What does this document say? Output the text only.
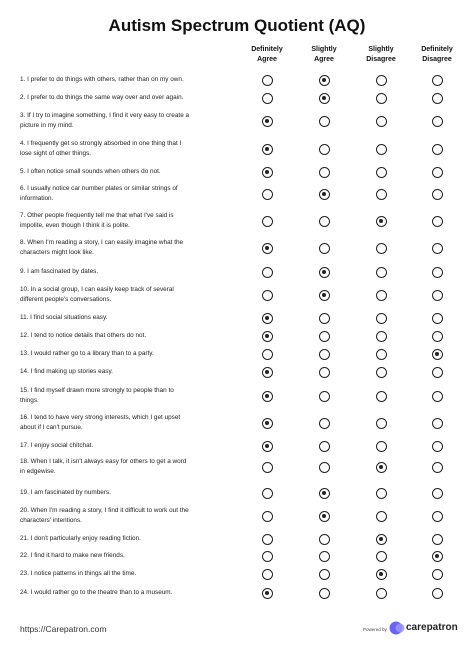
Autism Spectrum Quotient (AQ)
Definitely
Agree
Slightly
Agree
Slightly
Disagree
Definitely
Disagree
1. I prefer to do things with others, rather than on my own.
2. I prefer to do things the same way over and over again.
3. If I try to imagine something, I find it very easy to create a
picture in my mind.
4. I frequently get so strongly absorbed in one thing that I
lose sight of other things.
5. I often notice small sounds when others do not.
6. I usually notice car number plates or similar strings of
information.
7. Other people frequently tell me that what I've said is
impolite, even though I think it is polite.
8. When I'm reading a story, I can easily imagine what the
characters might look like.
9. I am fascinated by dates.
10. In a social group, I can easily keep track of several
different people's conversations.
11. I find social situations easy.
12. I tend to notice details that others do not.
13. I would rather go to a library than to a party.
14. I find making up stories easy.
15. I find myself drawn more strongly to people than to
things.
16. I tend to have very strong interests, which I get upset
about if I can't pursue.
17. I enjoy social chitchat.
18. When I talk, it isn't always easy for others to get a word
in edgewise.
19. I am fascinated by numbers.
20. When I'm reading a story, I find it difficult to work out the
characters' intentions.
21. I don't particularly enjoy reading fiction.
22. I find it hard to make new friends.
23. I notice patterns in things all the time.
24. I would rather go to the theatre than to a museum.
https://Carepatron.com	Powered by carepatron
